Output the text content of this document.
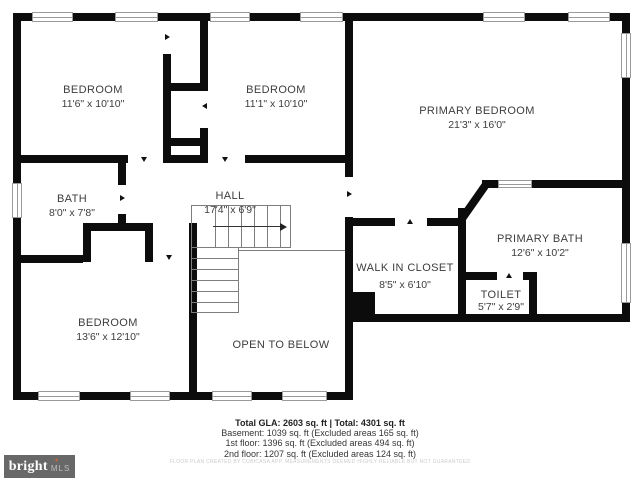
BEDROOM
11'6" x 10'10"
BEDROOM
11'1" x 10'10"
PRIMARY BEDROOM
21'3" x 16'0"
BATH
8'0" x 7'8"
HALL
17'4" x 6'9"
PRIMARY BATH
12'6" x 10'2"
WALK IN CLOSET
8'5" x 6'10"
TOILET
5'7" x 2'9"
BEDROOM
13'6" x 12'10"
OPEN TO BELOW
Total GLA: 2603 sq. ft | Total: 4301 sq. ft
Basement: 1039 sq. ft (Excluded areas 165 sq. ft)
1st floor: 1396 sq. ft (Excluded areas 494 sq. ft)
2nd floor: 1207 sq. ft (Excluded areas 124 sq. ft)
FLOOR PLAN CREATED BY CUBICASA APP. MEASUREMENTS DEEMED HIGHLY RELIABLE BUT NOT GUARANTEED
bright ✦
MLS
